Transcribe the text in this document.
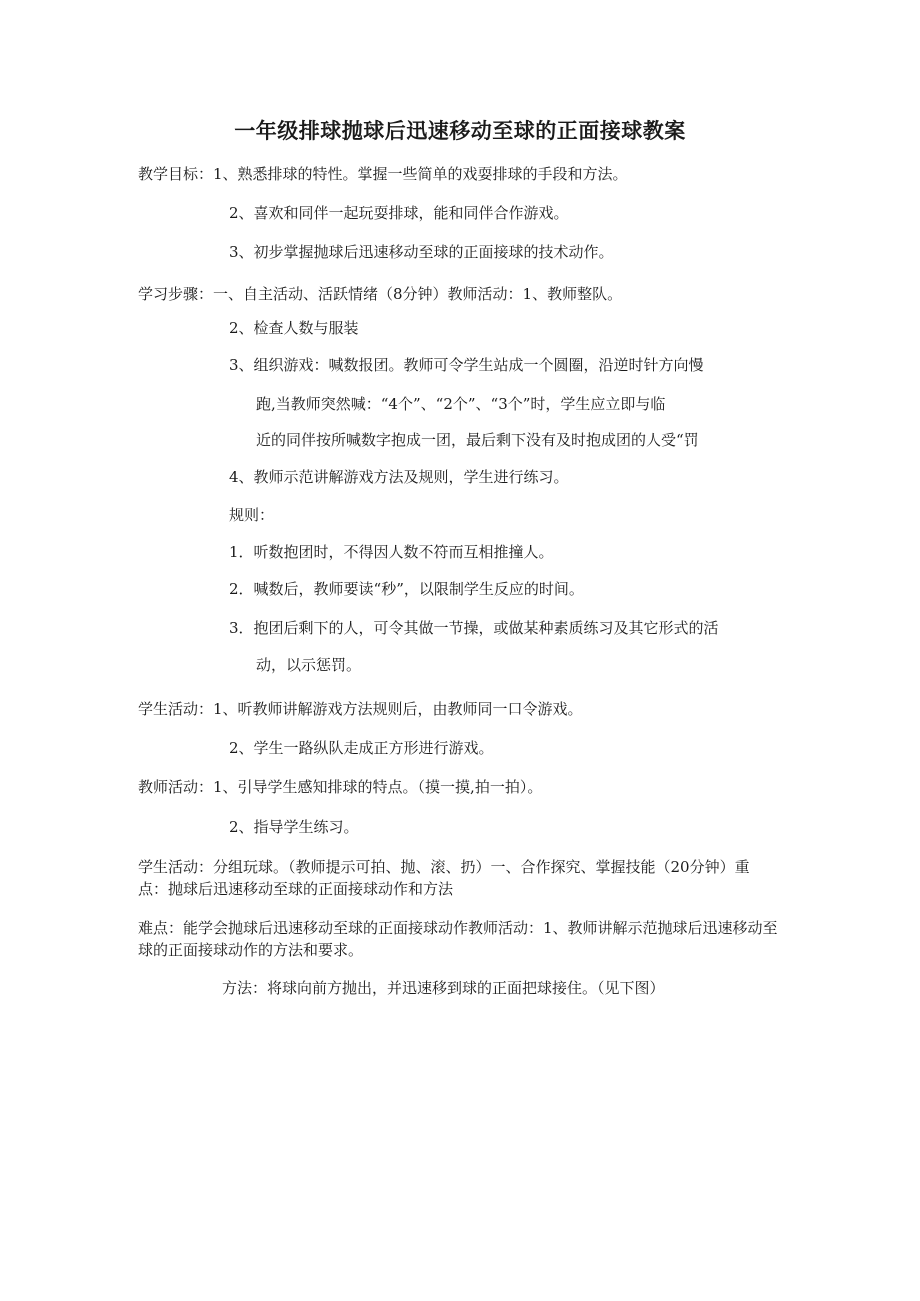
一年级排球抛球后迅速移动至球的正面接球教案
教学目标：1、熟悉排球的特性。掌握一些简单的戏耍排球的手段和方法。
2、喜欢和同伴一起玩耍排球，能和同伴合作游戏。
3、初步掌握抛球后迅速移动至球的正面接球的技术动作。
学习步骤：一、自主活动、活跃情绪（8分钟）教师活动：1、教师整队。
2、检查人数与服装
3、组织游戏：喊数报团。教师可令学生站成一个圆圈，沿逆时针方向慢
跑,当教师突然喊：“4个”、“2个”、“3个”时，学生应立即与临
近的同伴按所喊数字抱成一团，最后剩下没有及时抱成团的人受“罚
4、教师示范讲解游戏方法及规则，学生进行练习。
规则：
1．听数抱团时，不得因人数不符而互相推撞人。
2．喊数后，教师要读“秒”，以限制学生反应的时间。
3．抱团后剩下的人，可令其做一节操，或做某种素质练习及其它形式的活
动，以示惩罚。
学生活动：1、听教师讲解游戏方法规则后，由教师同一口令游戏。
2、学生一路纵队走成正方形进行游戏。
教师活动：1、引导学生感知排球的特点。（摸一摸,拍一拍）。
2、指导学生练习。
学生活动：分组玩球。（教师提示可拍、抛、滚、扔）一、合作探究、掌握技能（20分钟）重点：抛球后迅速移动至球的正面接球动作和方法
难点：能学会抛球后迅速移动至球的正面接球动作教师活动：1、教师讲解示范抛球后迅速移动至球的正面接球动作的方法和要求。
方法：将球向前方抛出，并迅速移到球的正面把球接住。（见下图）
